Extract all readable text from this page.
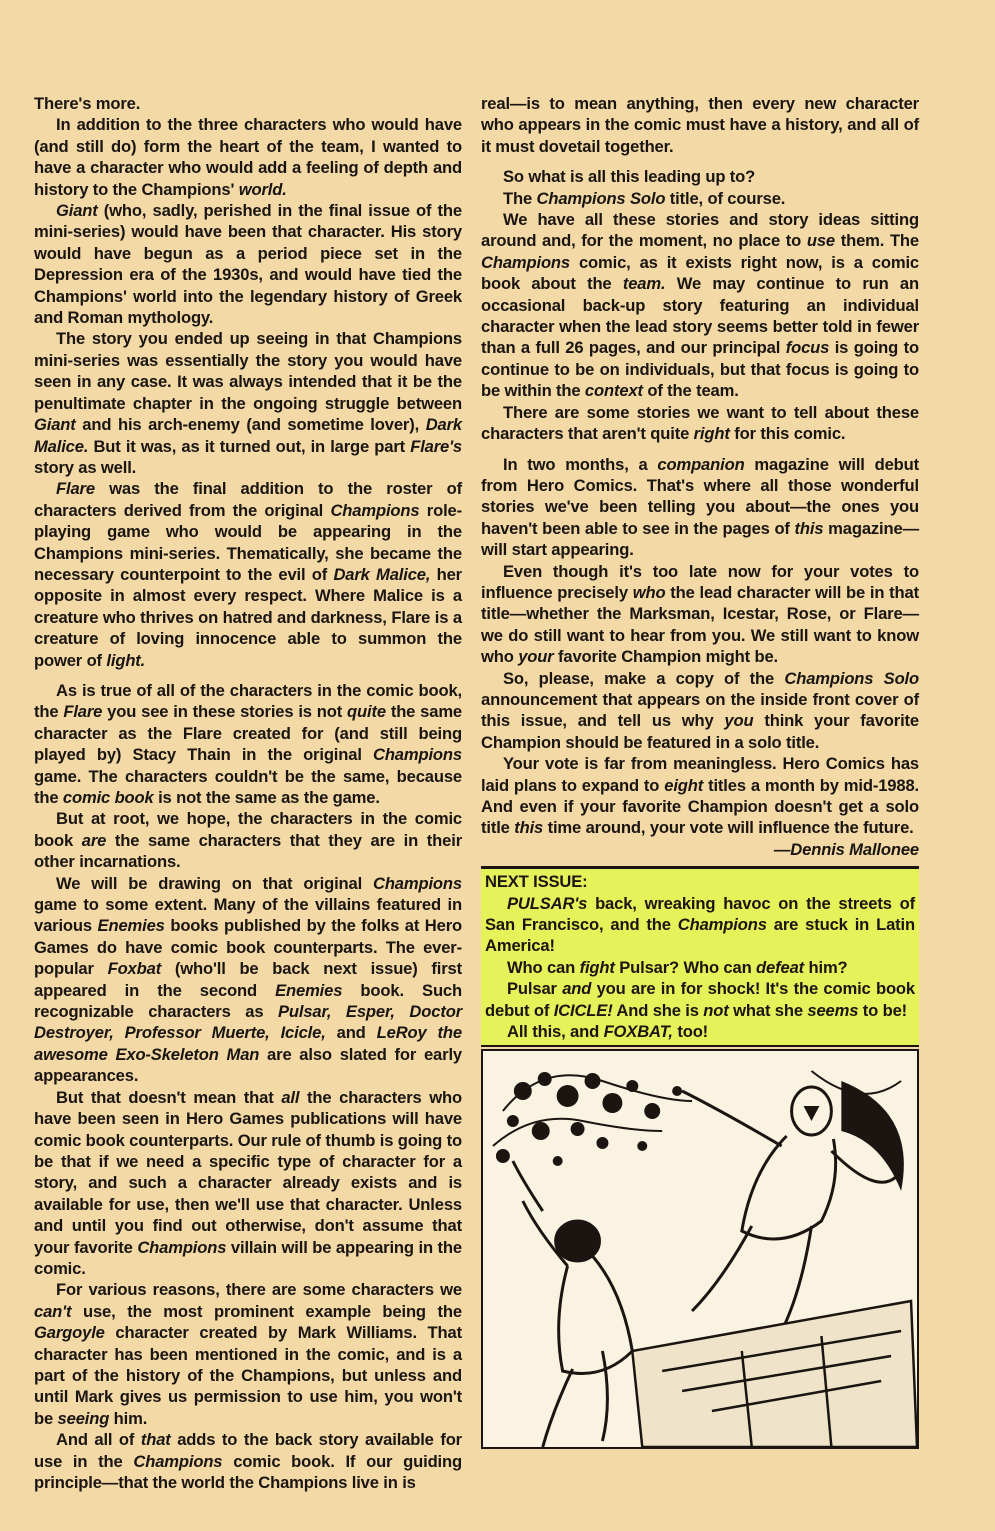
There's more.

In addition to the three characters who would have (and still do) form the heart of the team, I wanted to have a character who would add a feeling of depth and history to the Champions' world.

Giant (who, sadly, perished in the final issue of the mini-series) would have been that character. His story would have begun as a period piece set in the Depression era of the 1930s, and would have tied the Champions' world into the legendary history of Greek and Roman mythology.

The story you ended up seeing in that Champions mini-series was essentially the story you would have seen in any case. It was always intended that it be the penultimate chapter in the ongoing struggle between Giant and his arch-enemy (and sometime lover), Dark Malice. But it was, as it turned out, in large part Flare's story as well.

Flare was the final addition to the roster of characters derived from the original Champions role-playing game who would be appearing in the Champions mini-series. Thematically, she became the necessary counterpoint to the evil of Dark Malice, her opposite in almost every respect. Where Malice is a creature who thrives on hatred and darkness, Flare is a creature of loving innocence able to summon the power of light.

As is true of all of the characters in the comic book, the Flare you see in these stories is not quite the same character as the Flare created for (and still being played by) Stacy Thain in the original Champions game. The characters couldn't be the same, because the comic book is not the same as the game.

But at root, we hope, the characters in the comic book are the same characters that they are in their other incarnations.

We will be drawing on that original Champions game to some extent. Many of the villains featured in various Enemies books published by the folks at Hero Games do have comic book counterparts. The ever-popular Foxbat (who'll be back next issue) first appeared in the second Enemies book. Such recognizable characters as Pulsar, Esper, Doctor Destroyer, Professor Muerte, Icicle, and LeRoy the awesome Exo-Skeleton Man are also slated for early appearances.

But that doesn't mean that all the characters who have been seen in Hero Games publications will have comic book counterparts. Our rule of thumb is going to be that if we need a specific type of character for a story, and such a character already exists and is available for use, then we'll use that character. Unless and until you find out otherwise, don't assume that your favorite Champions villain will be appearing in the comic.

For various reasons, there are some characters we can't use, the most prominent example being the Gargoyle character created by Mark Williams. That character has been mentioned in the comic, and is a part of the history of the Champions, but unless and until Mark gives us permission to use him, you won't be seeing him.

And all of that adds to the back story available for use in the Champions comic book. If our guiding principle—that the world the Champions live in is

real—is to mean anything, then every new character who appears in the comic must have a history, and all of it must dovetail together.

So what is all this leading up to?

The Champions Solo title, of course.

We have all these stories and story ideas sitting around and, for the moment, no place to use them. The Champions comic, as it exists right now, is a comic book about the team. We may continue to run an occasional back-up story featuring an individual character when the lead story seems better told in fewer than a full 26 pages, and our principal focus is going to continue to be on individuals, but that focus is going to be within the context of the team.

There are some stories we want to tell about these characters that aren't quite right for this comic.

In two months, a companion magazine will debut from Hero Comics. That's where all those wonderful stories we've been telling you about—the ones you haven't been able to see in the pages of this magazine—will start appearing.

Even though it's too late now for your votes to influence precisely who the lead character will be in that title—whether the Marksman, Icestar, Rose, or Flare—we do still want to hear from you. We still want to know who your favorite Champion might be.

So, please, make a copy of the Champions Solo announcement that appears on the inside front cover of this issue, and tell us why you think your favorite Champion should be featured in a solo title.

Your vote is far from meaningless. Hero Comics has laid plans to expand to eight titles a month by mid-1988. And even if your favorite Champion doesn't get a solo title this time around, your vote will influence the future.

—Dennis Mallonee

NEXT ISSUE:

PULSAR's back, wreaking havoc on the streets of San Francisco, and the Champions are stuck in Latin America!

Who can fight Pulsar? Who can defeat him?

Pulsar and you are in for shock! It's the comic book debut of ICICLE! And she is not what she seems to be!

All this, and FOXBAT, too!
